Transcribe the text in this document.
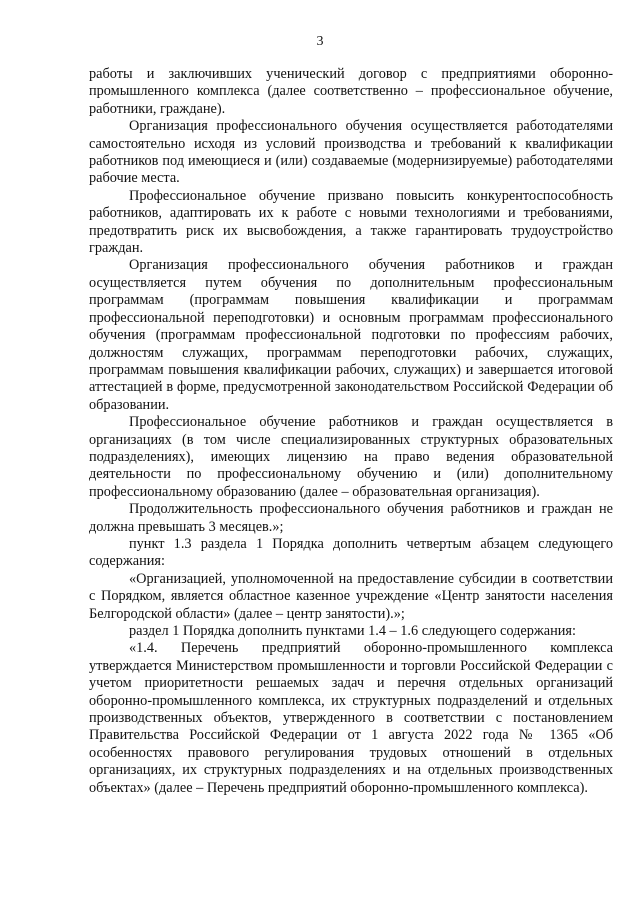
3

работы и заключивших ученический договор с предприятиями оборонно-промышленного комплекса (далее соответственно – профессиональное обучение, работники, граждане).

Организация профессионального обучения осуществляется работодателями самостоятельно исходя из условий производства и требований к квалификации работников под имеющиеся и (или) создаваемые (модернизируемые) работодателями рабочие места.

Профессиональное обучение призвано повысить конкурентоспособность работников, адаптировать их к работе с новыми технологиями и требованиями, предотвратить риск их высвобождения, а также гарантировать трудоустройство граждан.

Организация профессионального обучения работников и граждан осуществляется путем обучения по дополнительным профессиональным программам (программам повышения квалификации и программам профессиональной переподготовки) и основным программам профессионального обучения (программам профессиональной подготовки по профессиям рабочих, должностям служащих, программам переподготовки рабочих, служащих, программам повышения квалификации рабочих, служащих) и завершается итоговой аттестацией в форме, предусмотренной законодательством Российской Федерации об образовании.

Профессиональное обучение работников и граждан осуществляется в организациях (в том числе специализированных структурных образовательных подразделениях), имеющих лицензию на право ведения образовательной деятельности по профессиональному обучению и (или) дополнительному профессиональному образованию (далее – образовательная организация).

Продолжительность профессионального обучения работников и граждан не должна превышать 3 месяцев.»;

пункт 1.3 раздела 1 Порядка дополнить четвертым абзацем следующего содержания:

«Организацией, уполномоченной на предоставление субсидии в соответствии с Порядком, является областное казенное учреждение «Центр занятости населения Белгородской области» (далее – центр занятости).»;

раздел 1 Порядка дополнить пунктами 1.4 – 1.6 следующего содержания:

«1.4. Перечень предприятий оборонно-промышленного комплекса утверждается Министерством промышленности и торговли Российской Федерации с учетом приоритетности решаемых задач и перечня отдельных организаций оборонно-промышленного комплекса, их структурных подразделений и отдельных производственных объектов, утвержденного в соответствии с постановлением Правительства Российской Федерации от 1 августа 2022 года № 1365 «Об особенностях правового регулирования трудовых отношений в отдельных организациях, их структурных подразделениях и на отдельных производственных объектах» (далее – Перечень предприятий оборонно-промышленного комплекса).
